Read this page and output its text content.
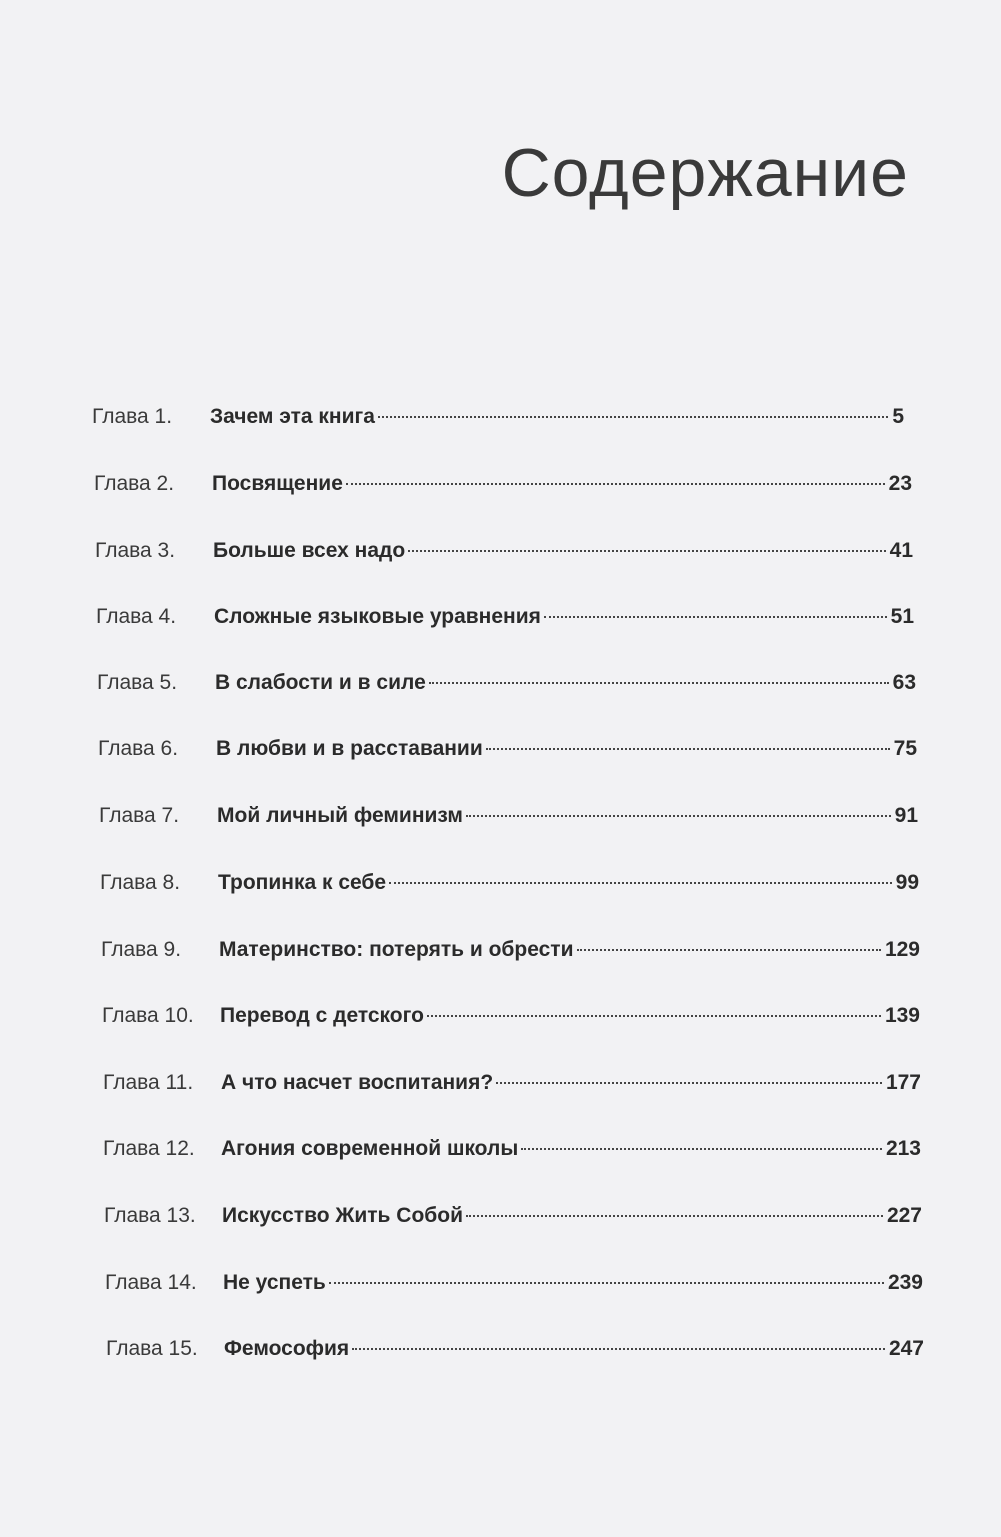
Содержание
Глава 1.	Зачем эта книга	5
Глава 2.	Посвящение	23
Глава 3.	Больше всех надо	41
Глава 4.	Сложные языковые уравнения	51
Глава 5.	В слабости и в силе	63
Глава 6.	В любви и в расставании	75
Глава 7.	Мой личный феминизм	91
Глава 8.	Тропинка к себе	99
Глава 9.	Материнство: потерять и обрести	129
Глава 10.	Перевод с детского	139
Глава 11.	А что насчет воспитания?	177
Глава 12.	Агония современной школы	213
Глава 13.	Искусство Жить Собой	227
Глава 14.	Не успеть	239
Глава 15.	Фемософия	247
